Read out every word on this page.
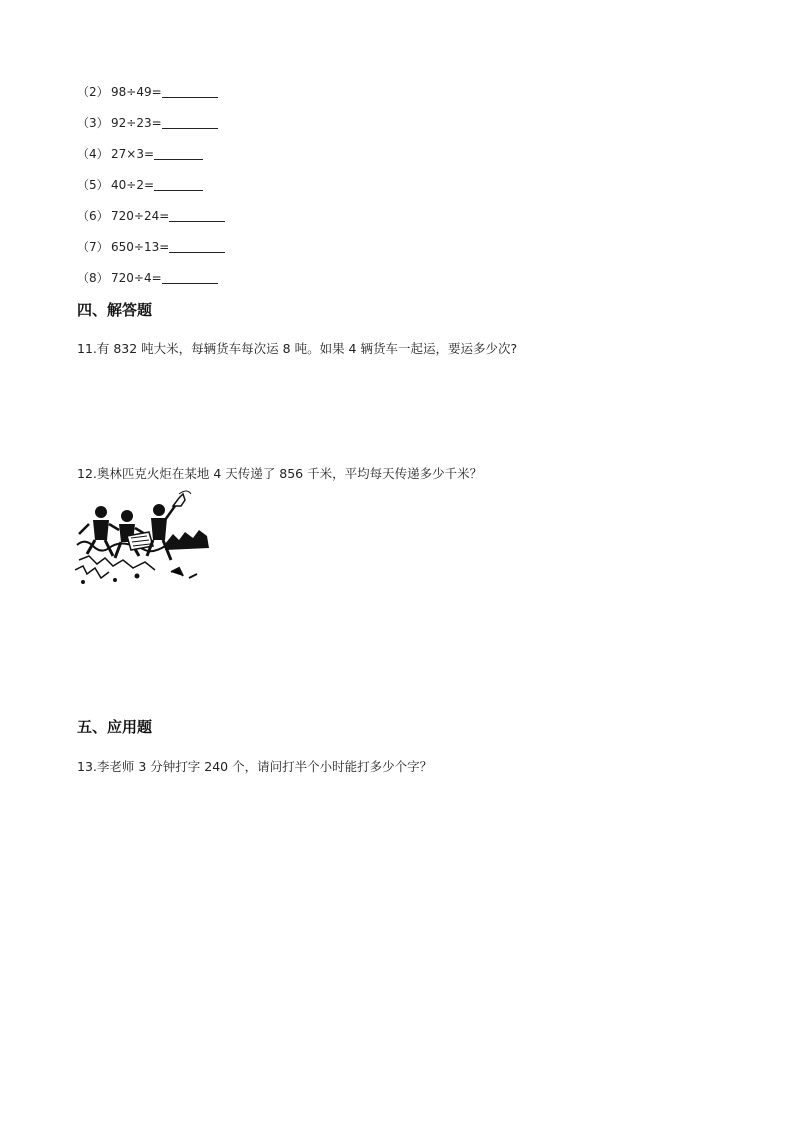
（2） 98÷49=
（3） 92÷23=
（4） 27×3=
（5） 40÷2=
（6） 720÷24=
（7） 650÷13=
（8） 720÷4=
四、解答题

11.有 832 吨大米，每辆货车每次运 8 吨。如果 4 辆货车一起运，要运多少次?

12.奥林匹克火炬在某地 4 天传递了 856 千米，平均每天传递多少千米？

五、应用题

13.李老师 3 分钟打字 240 个，请问打半个小时能打多少个字？
